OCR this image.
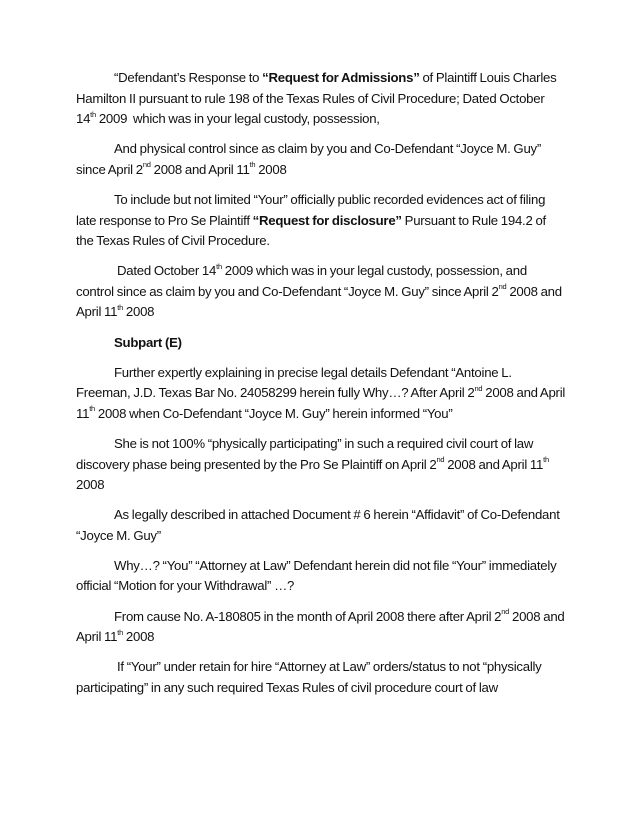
“Defendant’s Response to “Request for Admissions” of Plaintiff Louis Charles Hamilton II pursuant to rule 198 of the Texas Rules of Civil Procedure; Dated October 14th 2009  which was in your legal custody, possession,

And physical control since as claim by you and Co-Defendant “Joyce M. Guy” since April 2nd 2008 and April 11th 2008

To include but not limited “Your” officially public recorded evidences act of filing late response to Pro Se Plaintiff “Request for disclosure” Pursuant to Rule 194.2 of the Texas Rules of Civil Procedure.

Dated October 14th 2009 which was in your legal custody, possession, and control since as claim by you and Co-Defendant “Joyce M. Guy” since April 2nd 2008 and April 11th 2008

Subpart (E)

Further expertly explaining in precise legal details Defendant “Antoine L. Freeman, J.D. Texas Bar No. 24058299 herein fully Why…? After April 2nd 2008 and April 11th 2008 when Co-Defendant “Joyce M. Guy” herein informed “You”

She is not 100% “physically participating” in such a required civil court of law discovery phase being presented by the Pro Se Plaintiff on April 2nd 2008 and April 11th 2008

As legally described in attached Document # 6 herein “Affidavit” of Co-Defendant “Joyce M. Guy”

Why…? “You” “Attorney at Law” Defendant herein did not file “Your” immediately official “Motion for your Withdrawal” …?

From cause No. A-180805 in the month of April 2008 there after April 2nd 2008 and April 11th 2008

If “Your” under retain for hire “Attorney at Law” orders/status to not “physically participating” in any such required Texas Rules of civil procedure court of law
